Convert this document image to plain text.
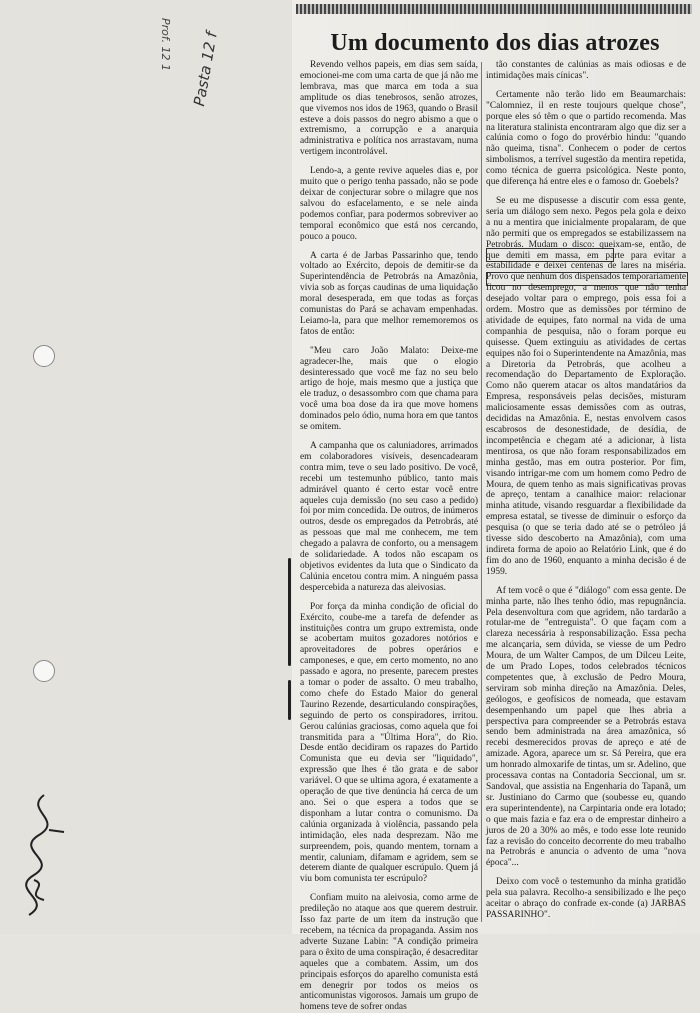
Prof. 12 1 Pasta 12 f	Um documento dos dias atrozes

Revendo velhos papeis, em dias sem saída, emocionei-me com uma carta de que já não me lembrava, mas que marca em toda a sua amplitude os dias tenebrosos, senão atrozes, que vivemos nos idos de 1963, quando o Brasil esteve a dois passos do negro abismo a que o extremismo, a corrupção e a anarquia administrativa e política nos arrastavam, numa vertigem incontrolável.

Lendo-a, a gente revive aqueles dias e, por muito que o perigo tenha passado, não se pode deixar de conjecturar sobre o milagre que nos salvou do esfacelamento, e se nele ainda podemos confiar, para podermos sobreviver ao temporal econômico que está nos cercando, pouco a pouco.

A carta é de Jarbas Passarinho que, tendo voltado ao Exército, depois de demitir-se da Superintendência de Petrobrás na Amazônia, vivia sob as forças caudinas de uma liquidação moral desesperada, em que todas as forças comunistas do Pará se achavam empenhadas. Leiamo-la, para que melhor rememoremos os fatos de então:

"Meu caro João Malato: Deixe-me agradecer-lhe, mais que o elogio desinteressado que você me faz no seu belo artigo de hoje, mais mesmo que a justiça que ele traduz, o desassombro com que chama para você uma boa dose da ira que move homens dominados pelo ódio, numa hora em que tantos se omitem.

A campanha que os caluniadores, arrimados em colaboradores visíveis, desencadearam contra mim, teve o seu lado positivo. De você, recebi um testemunho público, tanto mais admirável quanto é certo estar você entre aqueles cuja demissão (no seu caso a pedido) foi por mim concedida. De outros, de inúmeros outros, desde os empregados da Petrobrás, até as pessoas que mal me conhecem, me tem chegado a palavra de conforto, ou a mensagem de solidariedade. A todos não escapam os objetivos evidentes da luta que o Sindicato da Calúnia encetou contra mim. A ninguém passa despercebida a natureza das aleivosias.

Por força da minha condição de oficial do Exército, coube-me a tarefa de defender as instituições contra um grupo extremista, onde se acobertam muitos gozadores notórios e aproveitadores de pobres operários e camponeses, e que, em certo momento, no ano passado e agora, no presente, parecem prestes a tomar o poder de assalto. O meu trabalho, como chefe do Estado Maior do general Taurino Rezende, desarticulando conspirações, seguindo de perto os conspiradores, irritou. Gerou calúnias graciosas, como aquela que foi transmitida para a "Última Hora", do Rio. Desde então decidiram os rapazes do Partido Comunista que eu devia ser "liquidado", expressão que lhes é tão grata e de sabor variável. O que se ultima agora, é exatamente a operação de que tive denúncia há cerca de um ano. Sei o que espera a todos que se disponham a lutar contra o comunismo. Da calúnia organizada à violência, passando pela intimidação, eles nada desprezam. Não me surpreendem, pois, quando mentem, tornam a mentir, caluniam, difamam e agridem, sem se deterem diante de qualquer escrúpulo. Quem já viu bom comunista ter escrúpulo?

Confiam muito na aleivosia, como arme de predileção no ataque aos que querem destruir. Isso faz parte de um ítem da instrução que recebem, na técnica da propaganda. Assim nos adverte Suzane Labin: "A condição primeira para o êxito de uma conspiração, é desacreditar aqueles que a combatem. Assim, um dos principais esforços do aparelho comunista está em denegrir por todos os meios os anticomunistas vigorosos. Jamais um grupo de homens teve de sofrer ondas

tão constantes de calúnias as mais odiosas e de intimidações mais cínicas".

Certamente não terão lido em Beaumarchais: "Calomniez, il en reste toujours quelque chose", porque eles só têm o que o partido recomenda. Mas na literatura stalinista encontraram algo que diz ser a calúnia como o fogo do provérbio hindu: "quando não queima, tisna". Conhecem o poder de certos simbolismos, a terrível sugestão da mentira repetida, como técnica de guerra psicológica. Neste ponto, que diferença há entre eles e o famoso dr. Goebels?

Se eu me dispusesse a discutir com essa gente, seria um diálogo sem nexo. Pegos pela gola e deixo a nu a mentira que inicialmente propalaram, de que não permiti que os empregados se estabilizassem na Petrobrás. Mudam o disco: queixam-se, então, de que demiti em massa, em parte para evitar a estabilidade e deixei centenas de lares na miséria. Provo que nenhum dos dispensados temporariamente ficou no desemprego, a menos que não tenha desejado voltar para o emprego, pois essa foi a ordem. Mostro que as demissões por término de atividade de equipes, fato normal na vida de uma companhia de pesquisa, não o foram porque eu quisesse. Quem extinguiu as atividades de certas equipes não foi o Superintendente na Amazônia, mas a Diretoria da Petrobrás, que acolheu a recomendação do Departamento de Exploração. Como não querem atacar os altos mandatários da Empresa, responsáveis pelas decisões, misturam maliciosamente essas demissões com as outras, decididas na Amazônia. E, nestas envolvem casos escabrosos de desonestidade, de desídia, de incompetência e chegam até a adicionar, à lista mentirosa, os que não foram responsabilizados em minha gestão, mas em outra posterior. Por fim, visando intrigar-me com um homem como Pedro de Moura, de quem tenho as mais significativas provas de apreço, tentam a canalhice maior: relacionar minha atitude, visando resguardar a flexibilidade da empresa estatal, se tivesse de diminuir o esforço da pesquisa (o que se teria dado até se o petróleo já tivesse sido descoberto na Amazônia), com uma indireta forma de apoio ao Relatório Link, que é do fim do ano de 1960, enquanto a minha decisão é de 1959.

Af tem você o que é "diálogo" com essa gente. De minha parte, não lhes tenho ódio, mas repugnância. Pela desenvoltura com que agridem, não tardarão a rotular-me de "entreguista". O que façam com a clareza necessária à responsabilização. Essa pecha me alcançaria, sem dúvida, se viesse de um Pedro Moura, de um Walter Campos, de um Dilceu Leite, de um Prado Lopes, todos celebrados técnicos competentes que, à exclusão de Pedro Moura, serviram sob minha direção na Amazônia. Deles, geólogos, e geofísicos de nomeada, que estavam desempenhando um papel que lhes abria a perspectiva para compreender se a Petrobrás estava sendo bem administrada na área amazônica, só recebi desmerecidos provas de apreço e até de amizade. Agora, aparece um sr. Sá Pereira, que era um honrado almoxarife de tintas, um sr. Adelino, que processava contas na Contadoria Seccional, um sr. Sandoval, que assistia na Engenharia do Tapanã, um sr. Justiniano do Carmo que (soubesse eu, quando era superintendente), na Carpintaria onde era lotado; o que mais fazia e faz era o de emprestar dinheiro a juros de 20 a 30% ao mês, e todo esse lote reunido faz a revisão do conceito decorrente do meu trabalho na Petrobrás e anuncia o advento de uma "nova época"...

Deixo com você o testemunho da minha gratidão pela sua palavra. Recolho-a sensibilizado e lhe peço aceitar o abraço do confrade ex-conde (a) JARBAS PASSARINHO".
